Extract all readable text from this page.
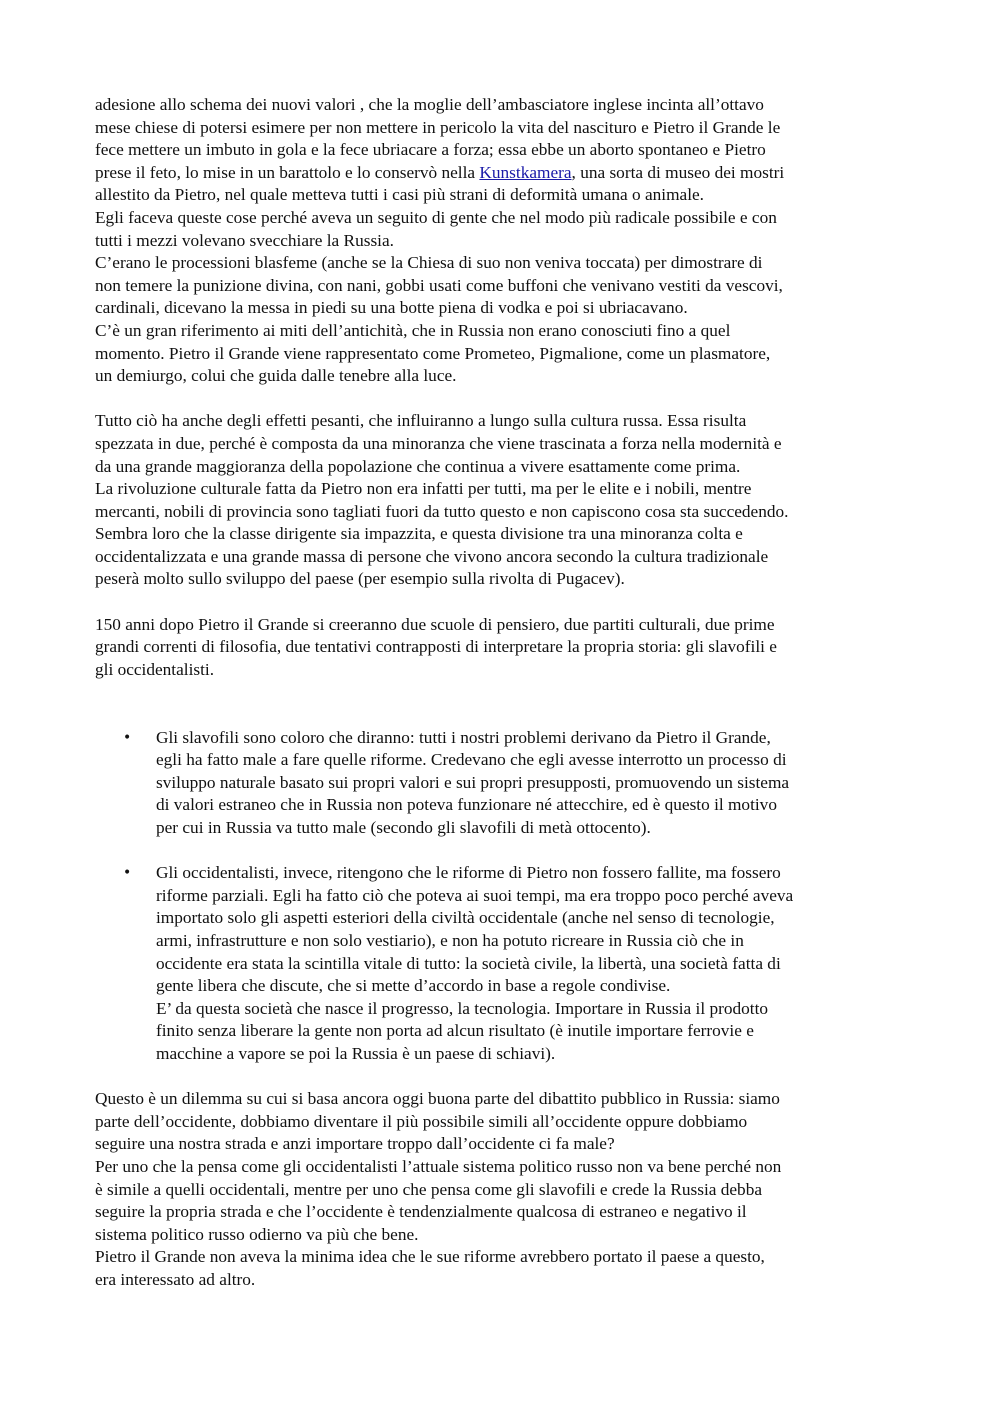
adesione allo schema dei nuovi valori , che la moglie dell’ambasciatore inglese incinta all’ottavo
mese chiese di potersi esimere per non mettere in pericolo la vita del nascituro e Pietro il Grande le
fece mettere un imbuto in gola e la fece ubriacare a forza; essa ebbe un aborto spontaneo e Pietro
prese il feto, lo mise in un barattolo e lo conservò nella Kunstkamera, una sorta di museo dei mostri
allestito da Pietro, nel quale metteva tutti i casi più strani di deformità umana o animale.

Egli faceva queste cose perché aveva un seguito di gente che nel modo più radicale possibile e con
tutti i mezzi volevano svecchiare la Russia.

C’erano le processioni blasfeme (anche se la Chiesa di suo non veniva toccata) per dimostrare di
non temere la punizione divina, con nani, gobbi usati come buffoni che venivano vestiti da vescovi,
cardinali, dicevano la messa in piedi su una botte piena di vodka e poi si ubriacavano.

C’è un gran riferimento ai miti dell’antichità, che in Russia non erano conosciuti fino a quel
momento. Pietro il Grande viene rappresentato come Prometeo, Pigmalione, come un plasmatore,
un demiurgo, colui che guida dalle tenebre alla luce.

Tutto ciò ha anche degli effetti pesanti, che influiranno a lungo sulla cultura russa. Essa risulta
spezzata in due, perché è composta da una minoranza che viene trascinata a forza nella modernità e
da una grande maggioranza della popolazione che continua a vivere esattamente come prima.

La rivoluzione culturale fatta da Pietro non era infatti per tutti, ma per le elite e i nobili, mentre
mercanti, nobili di provincia sono tagliati fuori da tutto questo e non capiscono cosa sta succedendo.
Sembra loro che la classe dirigente sia impazzita, e questa divisione tra una minoranza colta e
occidentalizzata e una grande massa di persone che vivono ancora secondo la cultura tradizionale
peserà molto sullo sviluppo del paese (per esempio sulla rivolta di Pugacev).

150 anni dopo Pietro il Grande si creeranno due scuole di pensiero, due partiti culturali, due prime
grandi correnti di filosofia, due tentativi contrapposti di interpretare la propria storia: gli slavofili e
gli occidentalisti.

• Gli slavofili sono coloro che diranno: tutti i nostri problemi derivano da Pietro il Grande,
egli ha fatto male a fare quelle riforme. Credevano che egli avesse interrotto un processo di
sviluppo naturale basato sui propri valori e sui propri presupposti, promuovendo un sistema
di valori estraneo che in Russia non poteva funzionare né attecchire, ed è questo il motivo
per cui in Russia va tutto male (secondo gli slavofili di metà ottocento).

• Gli occidentalisti, invece, ritengono che le riforme di Pietro non fossero fallite, ma fossero
riforme parziali. Egli ha fatto ciò che poteva ai suoi tempi, ma era troppo poco perché aveva
importato solo gli aspetti esteriori della civiltà occidentale (anche nel senso di tecnologie,
armi, infrastrutture e non solo vestiario), e non ha potuto ricreare in Russia ciò che in
occidente era stata la scintilla vitale di tutto: la società civile, la libertà, una società fatta di
gente libera che discute, che si mette d’accordo in base a regole condivise.

E’ da questa società che nasce il progresso, la tecnologia. Importare in Russia il prodotto
finito senza liberare la gente non porta ad alcun risultato (è inutile importare ferrovie e
macchine a vapore se poi la Russia è un paese di schiavi).

Questo è un dilemma su cui si basa ancora oggi buona parte del dibattito pubblico in Russia: siamo
parte dell’occidente, dobbiamo diventare il più possibile simili all’occidente oppure dobbiamo
seguire una nostra strada e anzi importare troppo dall’occidente ci fa male?

Per uno che la pensa come gli occidentalisti l’attuale sistema politico russo non va bene perché non
è simile a quelli occidentali, mentre per uno che pensa come gli slavofili e crede la Russia debba
seguire la propria strada e che l’occidente è tendenzialmente qualcosa di estraneo e negativo il
sistema politico russo odierno va più che bene.

Pietro il Grande non aveva la minima idea che le sue riforme avrebbero portato il paese a questo,
era interessato ad altro.
